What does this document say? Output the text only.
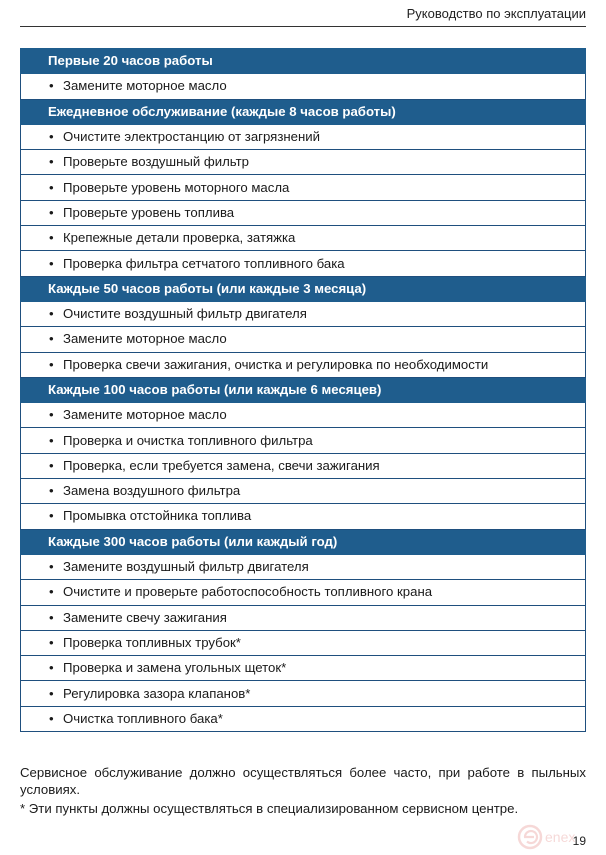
Руководство по эксплуатации
Первые 20 часов работы
• Замените моторное масло
Ежедневное обслуживание (каждые 8 часов работы)
• Очистите электростанцию от загрязнений
• Проверьте воздушный фильтр
• Проверьте уровень моторного масла
• Проверьте уровень топлива
• Крепежные детали проверка, затяжка
• Проверка фильтра сетчатого топливного бака
Каждые 50 часов работы (или каждые 3 месяца)
• Очистите воздушный фильтр двигателя
• Замените моторное масло
• Проверка свечи зажигания, очистка и регулировка по необходимости
Каждые 100 часов работы (или каждые 6 месяцев)
• Замените моторное масло
• Проверка и очистка топливного фильтра
• Проверка, если требуется замена, свечи зажигания
• Замена воздушного фильтра
• Промывка отстойника топлива
Каждые 300 часов работы (или каждый год)
• Замените воздушный фильтр двигателя
• Очистите и проверьте работоспособность топливного крана
• Замените свечу зажигания
• Проверка топливных трубок*
• Проверка и замена угольных щеток*
• Регулировка зазора клапанов*
• Очистка топливного бака*
Сервисное обслуживание должно осуществляться более часто, при работе в пыльных условиях.
* Эти пункты должны осуществляться в специализированном сервисном центре.
19
enex
